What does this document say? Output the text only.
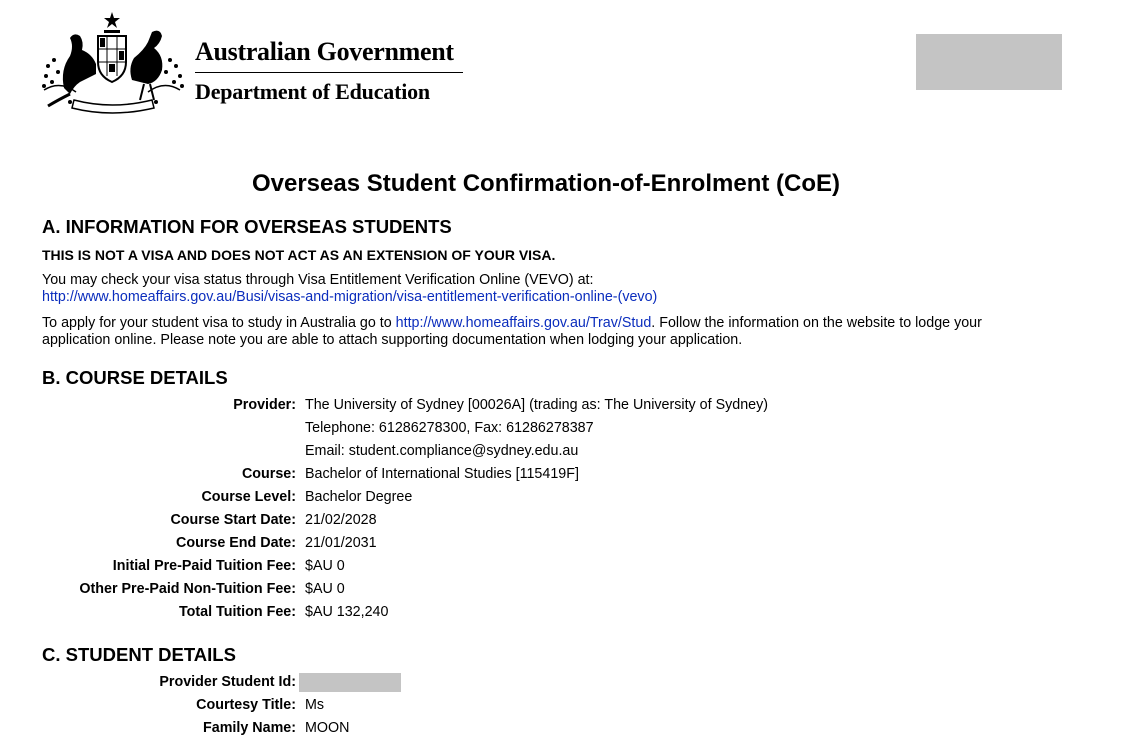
Australian Government
Department of Education
Overseas Student Confirmation-of-Enrolment (CoE)
A. INFORMATION FOR OVERSEAS STUDENTS
THIS IS NOT A VISA AND DOES NOT ACT AS AN EXTENSION OF YOUR VISA.
You may check your visa status through Visa Entitlement Verification Online (VEVO) at:
http://www.homeaffairs.gov.au/Busi/visas-and-migration/visa-entitlement-verification-online-(vevo)
To apply for your student visa to study in Australia go to http://www.homeaffairs.gov.au/Trav/Stud. Follow the information on the website to lodge your
application online. Please note you are able to attach supporting documentation when lodging your application.
B. COURSE DETAILS
Provider: The University of Sydney [00026A] (trading as: The University of Sydney)
Telephone: 61286278300, Fax: 61286278387
Email: student.compliance@sydney.edu.au
Course: Bachelor of International Studies [115419F]
Course Level: Bachelor Degree
Course Start Date: 21/02/2028
Course End Date: 21/01/2031
Initial Pre-Paid Tuition Fee: $AU 0
Other Pre-Paid Non-Tuition Fee: $AU 0
Total Tuition Fee: $AU 132,240
C. STUDENT DETAILS
Provider Student Id:
Courtesy Title: Ms
Family Name: MOON
